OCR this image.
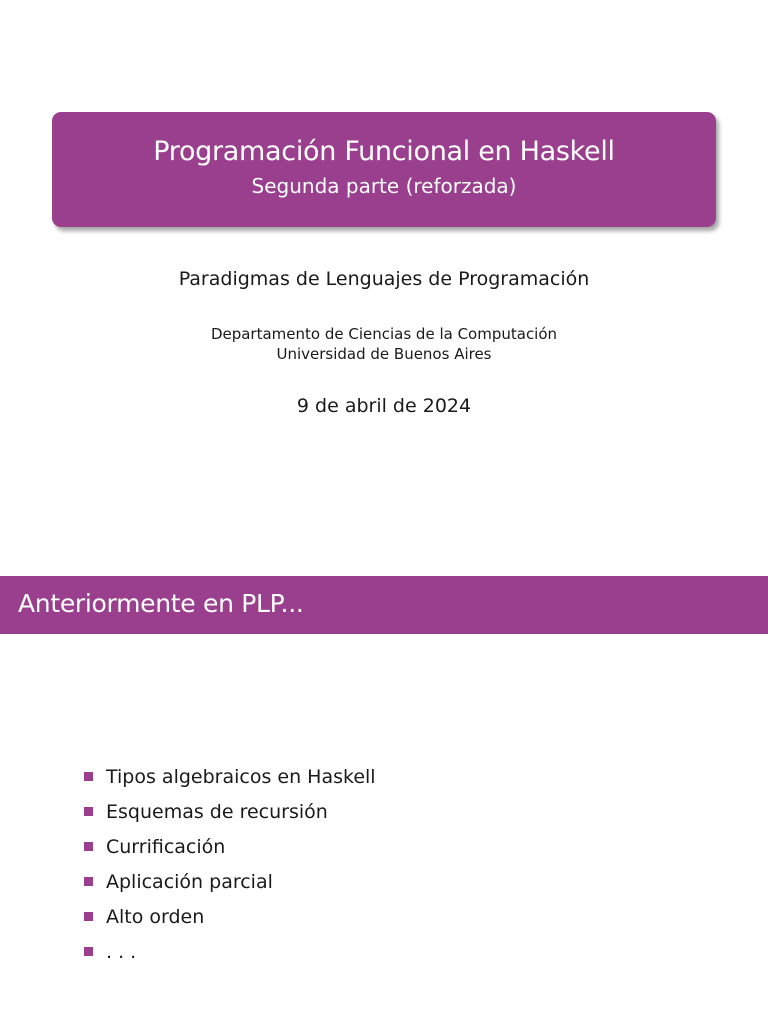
Programación Funcional en Haskell
Segunda parte (reforzada)
Paradigmas de Lenguajes de Programación
Departamento de Ciencias de la Computación
Universidad de Buenos Aires
9 de abril de 2024
Anteriormente en PLP...
Tipos algebraicos en Haskell
Esquemas de recursión
Currificación
Aplicación parcial
Alto orden
. . .
